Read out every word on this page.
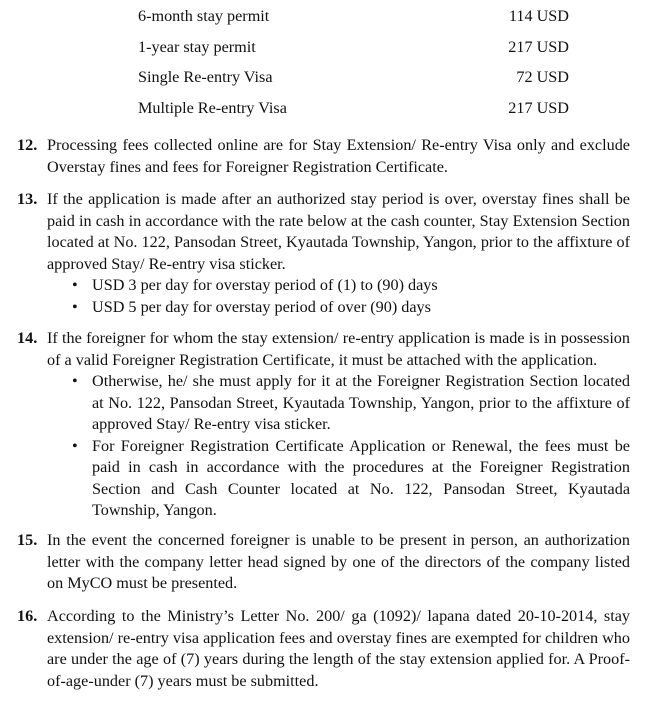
6-month stay permit	114 USD
1-year stay permit	217 USD
Single Re-entry Visa	72 USD
Multiple Re-entry Visa	217 USD
12. Processing fees collected online are for Stay Extension/ Re-entry Visa only and exclude Overstay fines and fees for Foreigner Registration Certificate.
13. If the application is made after an authorized stay period is over, overstay fines shall be paid in cash in accordance with the rate below at the cash counter, Stay Extension Section located at No. 122, Pansodan Street, Kyautada Township, Yangon, prior to the affixture of approved Stay/ Re-entry visa sticker.
• USD 3 per day for overstay period of (1) to (90) days
• USD 5 per day for overstay period of over (90) days
14. If the foreigner for whom the stay extension/ re-entry application is made is in possession of a valid Foreigner Registration Certificate, it must be attached with the application.
• Otherwise, he/ she must apply for it at the Foreigner Registration Section located at No. 122, Pansodan Street, Kyautada Township, Yangon, prior to the affixture of approved Stay/ Re-entry visa sticker.
• For Foreigner Registration Certificate Application or Renewal, the fees must be paid in cash in accordance with the procedures at the Foreigner Registration Section and Cash Counter located at No. 122, Pansodan Street, Kyautada Township, Yangon.
15. In the event the concerned foreigner is unable to be present in person, an authorization letter with the company letter head signed by one of the directors of the company listed on MyCO must be presented.
16. According to the Ministry’s Letter No. 200/ ga (1092)/ lapana dated 20-10-2014, stay extension/ re-entry visa application fees and overstay fines are exempted for children who are under the age of (7) years during the length of the stay extension applied for. A Proof-of-age-under (7) years must be submitted.
